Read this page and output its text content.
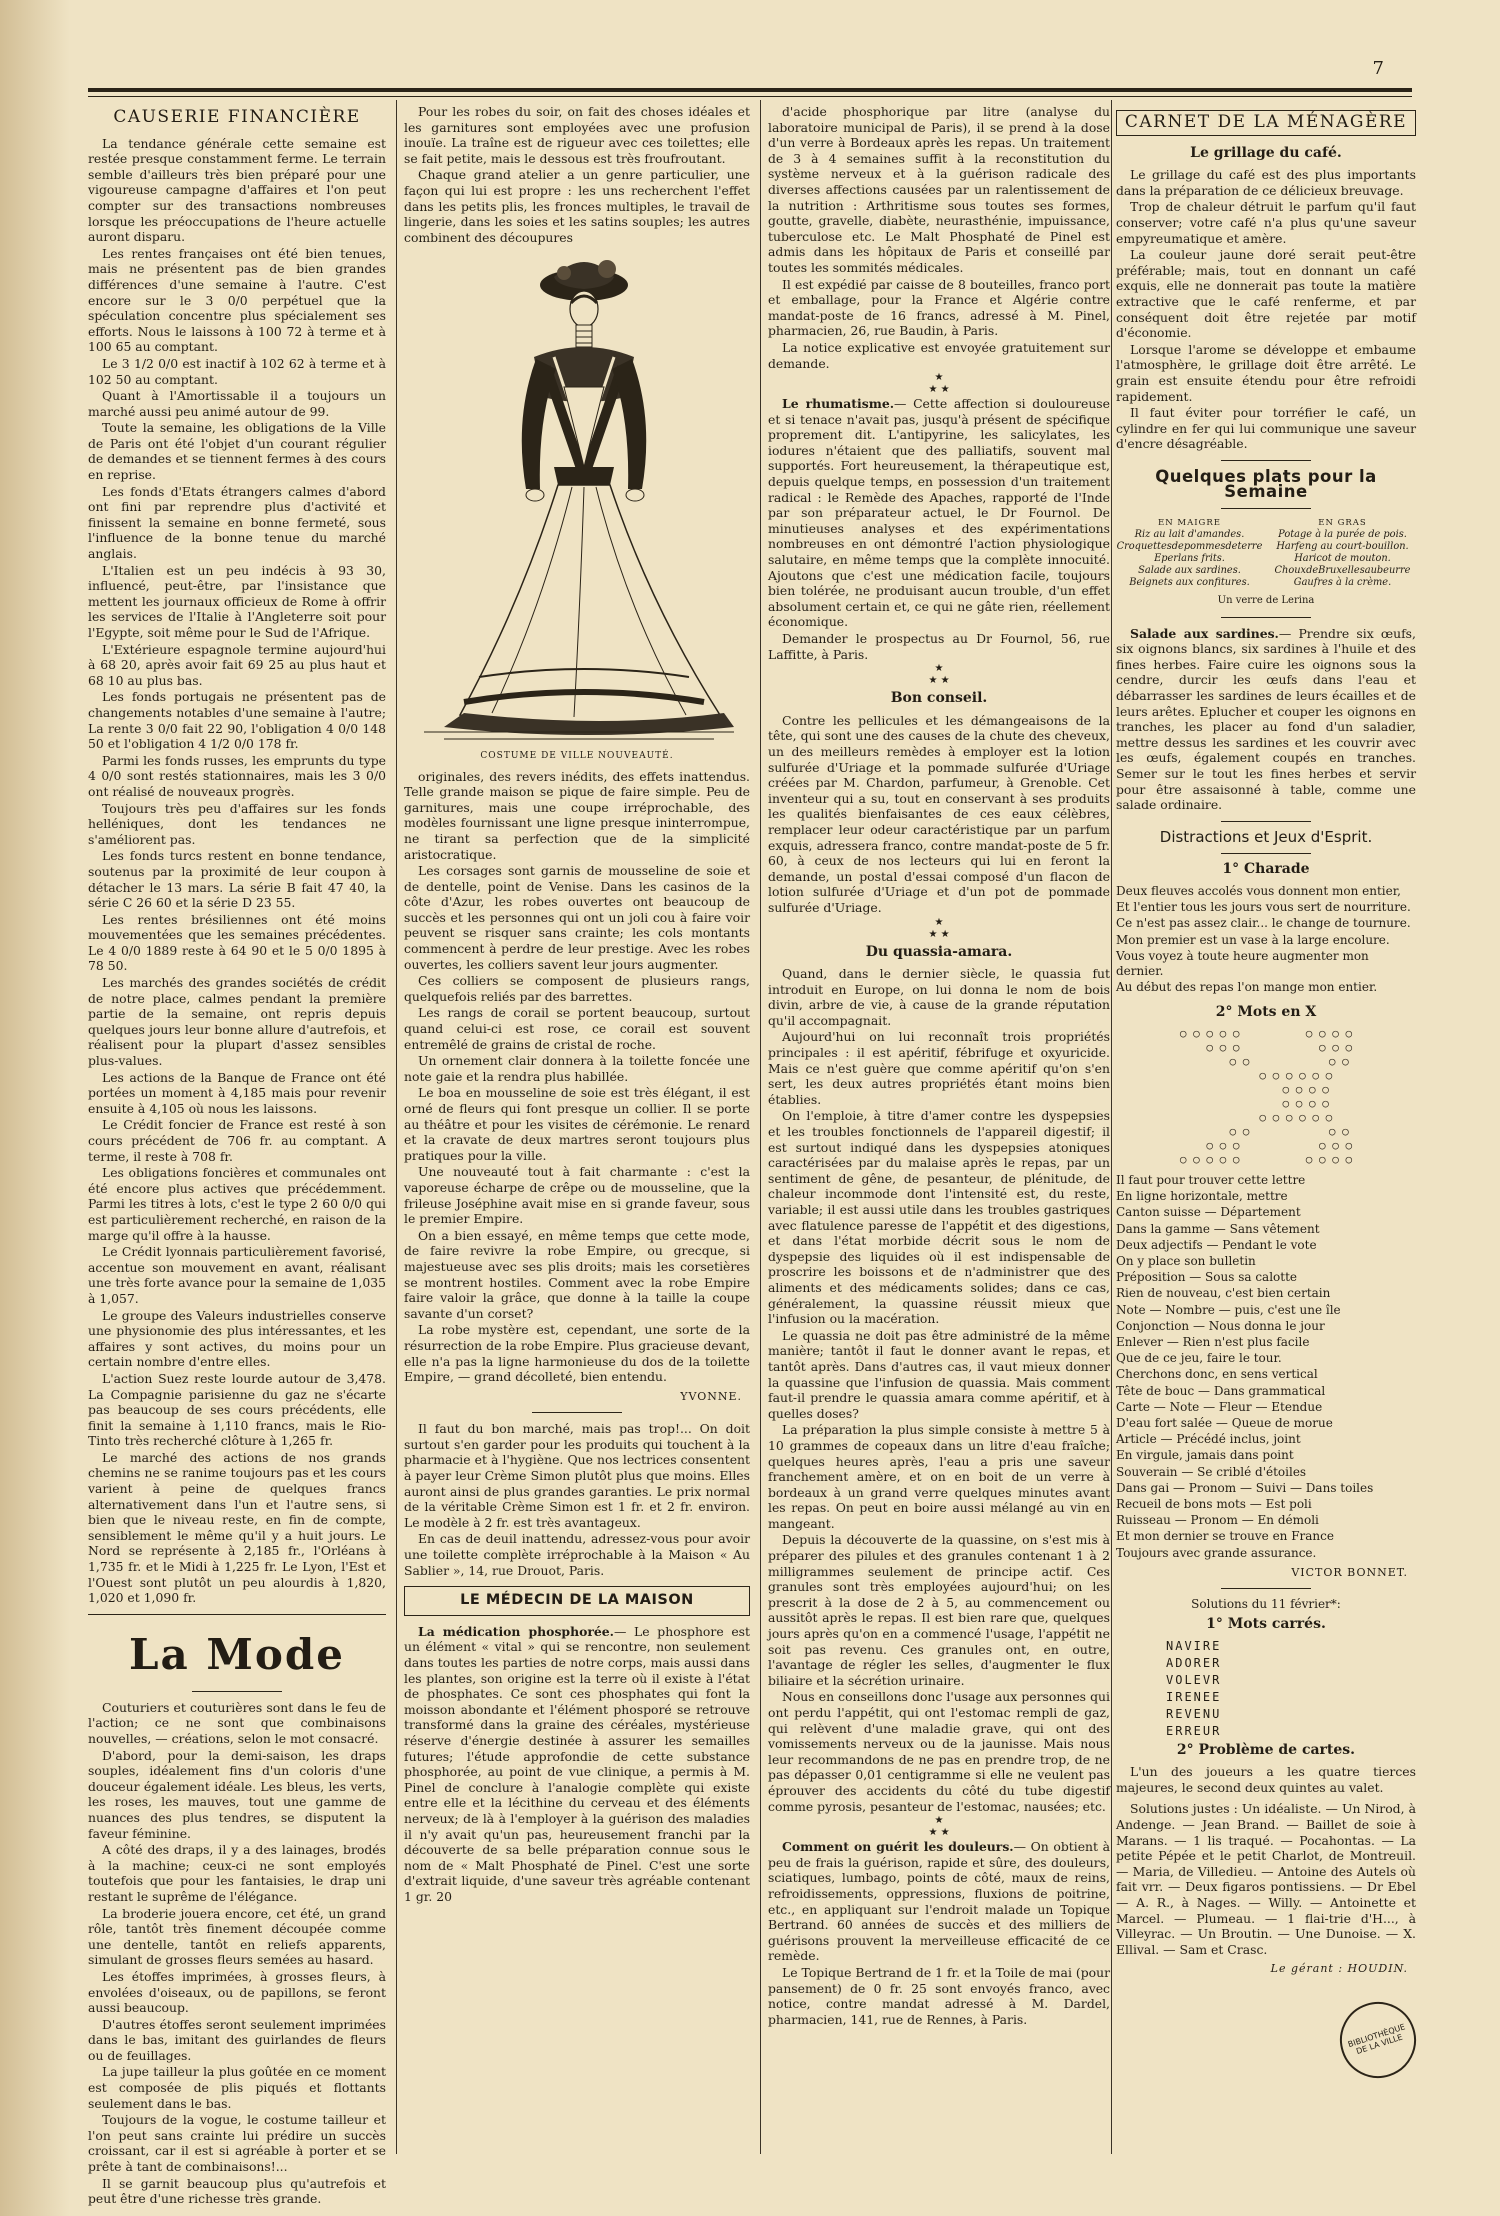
7
CAUSERIE FINANCIÈRE

La tendance générale cette semaine est restée presque constamment ferme. Le terrain semble d'ailleurs très bien préparé pour une vigoureuse campagne d'affaires et l'on peut compter sur des transactions nombreuses lorsque les préoccupations de l'heure actuelle auront disparu.

Les rentes françaises ont été bien tenues, mais ne présentent pas de bien grandes différences d'une semaine à l'autre. C'est encore sur le 3 0/0 perpétuel que la spéculation concentre plus spécialement ses efforts. Nous le laissons à 100 72 à terme et à 100 65 au comptant.

Le 3 1/2 0/0 est inactif à 102 62 à terme et à 102 50 au comptant.

Quant à l'Amortissable il a toujours un marché aussi peu animé autour de 99.

Toute la semaine, les obligations de la Ville de Paris ont été l'objet d'un courant régulier de demandes et se tiennent fermes à des cours en reprise.

Les fonds d'Etats étrangers calmes d'abord ont fini par reprendre plus d'activité et finissent la semaine en bonne fermeté, sous l'influence de la bonne tenue du marché anglais.

L'Italien est un peu indécis à 93 30, influencé, peut-être, par l'insistance que mettent les journaux officieux de Rome à offrir les services de l'Italie à l'Angleterre soit pour l'Egypte, soit même pour le Sud de l'Afrique.

L'Extérieure espagnole termine aujourd'hui à 68 20, après avoir fait 69 25 au plus haut et 68 10 au plus bas.

Les fonds portugais ne présentent pas de changements notables d'une semaine à l'autre; La rente 3 0/0 fait 22 90, l'obligation 4 0/0 148 50 et l'obligation 4 1/2 0/0 178 fr.

Parmi les fonds russes, les emprunts du type 4 0/0 sont restés stationnaires, mais les 3 0/0 ont réalisé de nouveaux progrès.

Toujours très peu d'affaires sur les fonds helléniques, dont les tendances ne s'améliorent pas.

Les fonds turcs restent en bonne tendance, soutenus par la proximité de leur coupon à détacher le 13 mars. La série B fait 47 40, la série C 26 60 et la série D 23 55.

Les rentes brésiliennes ont été moins mouvementées que les semaines précédentes. Le 4 0/0 1889 reste à 64 90 et le 5 0/0 1895 à 78 50.

Les marchés des grandes sociétés de crédit de notre place, calmes pendant la première partie de la semaine, ont repris depuis quelques jours leur bonne allure d'autrefois, et réalisent pour la plupart d'assez sensibles plus-values.

Les actions de la Banque de France ont été portées un moment à 4,185 mais pour revenir ensuite à 4,105 où nous les laissons.

Le Crédit foncier de France est resté à son cours précédent de 706 fr. au comptant. A terme, il reste à 708 fr.

Les obligations foncières et communales ont été encore plus actives que précédemment. Parmi les titres à lots, c'est le type 2 60 0/0 qui est particulièrement recherché, en raison de la marge qu'il offre à la hausse.

Le Crédit lyonnais particulièrement favorisé, accentue son mouvement en avant, réalisant une très forte avance pour la semaine de 1,035 à 1,057.

Le groupe des Valeurs industrielles conserve une physionomie des plus intéressantes, et les affaires y sont actives, du moins pour un certain nombre d'entre elles.

L'action Suez reste lourde autour de 3,478. La Compagnie parisienne du gaz ne s'écarte pas beaucoup de ses cours précédents, elle finit la semaine à 1,110 francs, mais le Rio-Tinto très recherché clôture à 1,265 fr.

Le marché des actions de nos grands chemins ne se ranime toujours pas et les cours varient à peine de quelques francs alternativement dans l'un et l'autre sens, si bien que le niveau reste, en fin de compte, sensiblement le même qu'il y a huit jours. Le Nord se représente à 2,185 fr., l'Orléans à 1,735 fr. et le Midi à 1,225 fr. Le Lyon, l'Est et l'Ouest sont plutôt un peu alourdis à 1,820, 1,020 et 1,090 fr.

La Mode

Couturiers et couturières sont dans le feu de l'action; ce ne sont que combinaisons nouvelles, — créations, selon le mot consacré.

D'abord, pour la demi-saison, les draps souples, idéalement fins d'un coloris d'une douceur également idéale. Les bleus, les verts, les roses, les mauves, tout une gamme de nuances des plus tendres, se disputent la faveur féminine.

A côté des draps, il y a des lainages, brodés à la machine; ceux-ci ne sont employés toutefois que pour les fantaisies, le drap uni restant le suprême de l'élégance.

La broderie jouera encore, cet été, un grand rôle, tantôt très finement découpée comme une dentelle, tantôt en reliefs apparents, simulant de grosses fleurs semées au hasard.

Les étoffes imprimées, à grosses fleurs, à envolées d'oiseaux, ou de papillons, se feront aussi beaucoup.

D'autres étoffes seront seulement imprimées dans le bas, imitant des guirlandes de fleurs ou de feuillages.

La jupe tailleur la plus goûtée en ce moment est composée de plis piqués et flottants seulement dans le bas.

Toujours de la vogue, le costume tailleur et l'on peut sans crainte lui prédire un succès croissant, car il est si agréable à porter et se prête à tant de combinaisons!...

Il se garnit beaucoup plus qu'autrefois et peut être d'une richesse très grande.

Pour les robes du soir, on fait des choses idéales et les garnitures sont employées avec une profusion inouïe. La traîne est de rigueur avec ces toilettes; elle se fait petite, mais le dessous est très froufroutant.

Chaque grand atelier a un genre particulier, une façon qui lui est propre : les uns recherchent l'effet dans les petits plis, les fronces multiples, le travail de lingerie, dans les soies et les satins souples; les autres combinent des découpures

COSTUME DE VILLE NOUVEAUTÉ.

originales, des revers inédits, des effets inattendus. Telle grande maison se pique de faire simple. Peu de garnitures, mais une coupe irréprochable, des modèles fournissant une ligne presque ininterrompue, ne tirant sa perfection que de la simplicité aristocratique.

Les corsages sont garnis de mousseline de soie et de dentelle, point de Venise. Dans les casinos de la côte d'Azur, les robes ouvertes ont beaucoup de succès et les personnes qui ont un joli cou à faire voir peuvent se risquer sans crainte; les cols montants commencent à perdre de leur prestige. Avec les robes ouvertes, les colliers savent leur jours augmenter.

Ces colliers se composent de plusieurs rangs, quelquefois reliés par des barrettes.

Les rangs de corail se portent beaucoup, surtout quand celui-ci est rose, ce corail est souvent entremêlé de grains de cristal de roche.

Un ornement clair donnera à la toilette foncée une note gaie et la rendra plus habillée.

Le boa en mousseline de soie est très élégant, il est orné de fleurs qui font presque un collier. Il se porte au théâtre et pour les visites de cérémonie. Le renard et la cravate de deux martres seront toujours plus pratiques pour la ville.

Une nouveauté tout à fait charmante : c'est la vaporeuse écharpe de crêpe ou de mousseline, que la frileuse Joséphine avait mise en si grande faveur, sous le premier Empire.

On a bien essayé, en même temps que cette mode, de faire revivre la robe Empire, ou grecque, si majestueuse avec ses plis droits; mais les corsetières se montrent hostiles. Comment avec la robe Empire faire valoir la grâce, que donne à la taille la coupe savante d'un corset?

La robe mystère est, cependant, une sorte de la résurrection de la robe Empire. Plus gracieuse devant, elle n'a pas la ligne harmonieuse du dos de la toilette Empire, — grand décolleté, bien entendu.

YVONNE.

Il faut du bon marché, mais pas trop!... On doit surtout s'en garder pour les produits qui touchent à la pharmacie et à l'hygiène. Que nos lectrices consentent à payer leur Crème Simon plutôt plus que moins. Elles auront ainsi de plus grandes garanties. Le prix normal de la véritable Crème Simon est 1 fr. et 2 fr. environ. Le modèle à 2 fr. est très avantageux.

En cas de deuil inattendu, adressez-vous pour avoir une toilette complète irréprochable à la Maison « Au Sablier », 14, rue Drouot, Paris.

LE MÉDECIN DE LA MAISON

La médication phosphorée.— Le phosphore est un élément « vital » qui se rencontre, non seulement dans toutes les parties de notre corps, mais aussi dans les plantes, son origine est la terre où il existe à l'état de phosphates. Ce sont ces phosphates qui font la moisson abondante et l'élément phosporé se retrouve transformé dans la graine des céréales, mystérieuse réserve d'énergie destinée à assurer les semailles futures; l'étude approfondie de cette substance phosphorée, au point de vue clinique, a permis à M. Pinel de conclure à l'analogie complète qui existe entre elle et la lécithine du cerveau et des éléments nerveux; de là à l'employer à la guérison des maladies il n'y avait qu'un pas, heureusement franchi par la découverte de sa belle préparation connue sous le nom de « Malt Phosphaté de Pinel. C'est une sorte d'extrait liquide, d'une saveur très agréable contenant 1 gr. 20

d'acide phosphorique par litre (analyse du laboratoire municipal de Paris), il se prend à la dose d'un verre à Bordeaux après les repas. Un traitement de 3 à 4 semaines suffit à la reconstitution du système nerveux et à la guérison radicale des diverses affections causées par un ralentissement de la nutrition : Arthritisme sous toutes ses formes, goutte, gravelle, diabète, neurasthénie, impuissance, tuberculose etc. Le Malt Phosphaté de Pinel est admis dans les hôpitaux de Paris et conseillé par toutes les sommités médicales.

Il est expédié par caisse de 8 bouteilles, franco port et emballage, pour la France et Algérie contre mandat-poste de 16 francs, adressé à M. Pinel, pharmacien, 26, rue Baudin, à Paris.

La notice explicative est envoyée gratuitement sur demande.

★
★ ★

Le rhumatisme.— Cette affection si douloureuse et si tenace n'avait pas, jusqu'à présent de spécifique proprement dit. L'antipyrine, les salicylates, les iodures n'étaient que des palliatifs, souvent mal supportés. Fort heureusement, la thérapeutique est, depuis quelque temps, en possession d'un traitement radical : le Remède des Apaches, rapporté de l'Inde par son préparateur actuel, le Dr Fournol. De minutieuses analyses et des expérimentations nombreuses en ont démontré l'action physiologique salutaire, en même temps que la complète innocuité. Ajoutons que c'est une médication facile, toujours bien tolérée, ne produisant aucun trouble, d'un effet absolument certain et, ce qui ne gâte rien, réellement économique.

Demander le prospectus au Dr Fournol, 56, rue Laffitte, à Paris.

★
★ ★
Bon conseil.

Contre les pellicules et les démangeaisons de la tête, qui sont une des causes de la chute des cheveux, un des meilleurs remèdes à employer est la lotion sulfurée d'Uriage et la pommade sulfurée d'Uriage créées par M. Chardon, parfumeur, à Grenoble. Cet inventeur qui a su, tout en conservant à ses produits les qualités bienfaisantes de ces eaux célèbres, remplacer leur odeur caractéristique par un parfum exquis, adressera franco, contre mandat-poste de 5 fr. 60, à ceux de nos lecteurs qui lui en feront la demande, un postal d'essai composé d'un flacon de lotion sulfurée d'Uriage et d'un pot de pommade sulfurée d'Uriage.

★
★ ★
Du quassia-amara.

Quand, dans le dernier siècle, le quassia fut introduit en Europe, on lui donna le nom de bois divin, arbre de vie, à cause de la grande réputation qu'il accompagnait.

Aujourd'hui on lui reconnaît trois propriétés principales : il est apéritif, fébrifuge et oxyuricide. Mais ce n'est guère que comme apéritif qu'on s'en sert, les deux autres propriétés étant moins bien établies.

On l'emploie, à titre d'amer contre les dyspepsies et les troubles fonctionnels de l'appareil digestif; il est surtout indiqué dans les dyspepsies atoniques caractérisées par du malaise après le repas, par un sentiment de gêne, de pesanteur, de plénitude, de chaleur incommode dont l'intensité est, du reste, variable; il est aussi utile dans les troubles gastriques avec flatulence paresse de l'appétit et des digestions, et dans l'état morbide décrit sous le nom de dyspepsie des liquides où il est indispensable de proscrire les boissons et de n'administrer que des aliments et des médicaments solides; dans ce cas, généralement, la quassine réussit mieux que l'infusion ou la macération.

Le quassia ne doit pas être administré de la même manière; tantôt il faut le donner avant le repas, et tantôt après. Dans d'autres cas, il vaut mieux donner la quassine que l'infusion de quassia. Mais comment faut-il prendre le quassia amara comme apéritif, et à quelles doses?

La préparation la plus simple consiste à mettre 5 à 10 grammes de copeaux dans un litre d'eau fraîche; quelques heures après, l'eau a pris une saveur franchement amère, et on en boit de un verre à bordeaux à un grand verre quelques minutes avant les repas. On peut en boire aussi mélangé au vin en mangeant.

Depuis la découverte de la quassine, on s'est mis à préparer des pilules et des granules contenant 1 à 2 milligrammes seulement de principe actif. Ces granules sont très employées aujourd'hui; on les prescrit à la dose de 2 à 5, au commencement ou aussitôt après le repas. Il est bien rare que, quelques jours après qu'on en a commencé l'usage, l'appétit ne soit pas revenu. Ces granules ont, en outre, l'avantage de régler les selles, d'augmenter le flux biliaire et la sécrétion urinaire.

Nous en conseillons donc l'usage aux personnes qui ont perdu l'appétit, qui ont l'estomac rempli de gaz, qui relèvent d'une maladie grave, qui ont des vomissements nerveux ou de la jaunisse. Mais nous leur recommandons de ne pas en prendre trop, de ne pas dépasser 0,01 centigramme si elle ne veulent pas éprouver des accidents du côté du tube digestif comme pyrosis, pesanteur de l'estomac, nausées; etc.

★
★ ★

Comment on guérit les douleurs.— On obtient à peu de frais la guérison, rapide et sûre, des douleurs, sciatiques, lumbago, points de côté, maux de reins, refroidissements, oppressions, fluxions de poitrine, etc., en appliquant sur l'endroit malade un Topique Bertrand. 60 années de succès et des milliers de guérisons prouvent la merveilleuse efficacité de ce remède.

Le Topique Bertrand de 1 fr. et la Toile de mai (pour pansement) de 0 fr. 25 sont envoyés franco, avec notice, contre mandat adressé à M. Dardel, pharmacien, 141, rue de Rennes, à Paris.

CARNET DE LA MÉNAGÈRE
Le grillage du café.

Le grillage du café est des plus importants dans la préparation de ce délicieux breuvage.

Trop de chaleur détruit le parfum qu'il faut conserver; votre café n'a plus qu'une saveur empyreumatique et amère.

La couleur jaune doré serait peut-être préférable; mais, tout en donnant un café exquis, elle ne donnerait pas toute la matière extractive que le café renferme, et par conséquent doit être rejetée par motif d'économie.

Lorsque l'arome se développe et embaume l'atmosphère, le grillage doit être arrêté. Le grain est ensuite étendu pour être refroidi rapidement.

Il faut éviter pour torréfier le café, un cylindre en fer qui lui communique une saveur d'encre désagréable.

Quelques plats pour la Semaine
EN MAIGRE
Riz au lait d'amandes.
Croquettesdepommesdeterre
Eperlans frits.
Salade aux sardines.
Beignets aux confitures.
EN GRAS
Potage à la purée de pois.
Harfeng au court-bouillon.
Haricot de mouton.
ChouxdeBruxellesaubeurre
Gaufres à la crème.
Un verre de Lerina

Salade aux sardines.— Prendre six œufs, six oignons blancs, six sardines à l'huile et des fines herbes. Faire cuire les oignons sous la cendre, durcir les œufs dans l'eau et débarrasser les sardines de leurs écailles et de leurs arêtes. Eplucher et couper les oignons en tranches, les placer au fond d'un saladier, mettre dessus les sardines et les couvrir avec les œufs, également coupés en tranches. Semer sur le tout les fines herbes et servir pour être assaisonné à table, comme une salade ordinaire.

Distractions et Jeux d'Esprit.
1° Charade

Deux fleuves accolés vous donnent mon entier,

Et l'entier tous les jours vous sert de nourriture.

Ce n'est pas assez clair... le change de tournure.

Mon premier est un vase à la large encolure.

Vous voyez à toute heure augmenter mon dernier.

Au début des repas l'on mange mon entier.

2° Mots en X
○ ○ ○ ○ ○          ○ ○ ○ ○
○ ○ ○            ○ ○ ○
○ ○            ○ ○
○ ○ ○ ○ ○ ○
○ ○ ○ ○
○ ○ ○ ○
○ ○ ○ ○ ○ ○
○ ○            ○ ○
○ ○ ○            ○ ○ ○
○ ○ ○ ○ ○          ○ ○ ○ ○

Il faut pour trouver cette lettre

En ligne horizontale, mettre

Canton suisse — Département

Dans la gamme — Sans vêtement

Deux adjectifs — Pendant le vote

On y place son bulletin

Préposition — Sous sa calotte

Rien de nouveau, c'est bien certain

Note — Nombre — puis, c'est une île

Conjonction — Nous donna le jour

Enlever — Rien n'est plus facile

Que de ce jeu, faire le tour.

Cherchons donc, en sens vertical

Tête de bouc — Dans grammatical

Carte — Note — Fleur — Etendue

D'eau fort salée — Queue de morue

Article — Précédé inclus, joint

En virgule, jamais dans point

Souverain — Se criblé d'étoiles

Dans gai — Pronom — Suivi — Dans toiles

Recueil de bons mots — Est poli

Ruisseau — Pronom — En démoli

Et mon dernier se trouve en France

Toujours avec grande assurance.

VICTOR BONNET.
Solutions du 11 février*:
1° Mots carrés.
NAVIRE
ADORER
VOLEVR
IRENEE
REVENU
ERREUR
2° Problème de cartes.

L'un des joueurs a les quatre tierces majeures, le second deux quintes au valet.

Solutions justes : Un idéaliste. — Un Nirod, à Andenge. — Jean Brand. — Baillet de soie à Marans. — 1 lis traqué. — Pocahontas. — La petite Pépée et le petit Charlot, de Montreuil. — Maria, de Villedieu. — Antoine des Autels où fait vrr. — Deux figaros pontissiens. — Dr Ebel — A. R., à Nages. — Willy. — Antoinette et Marcel. — Plumeau. — 1 flai-trie d'H..., à Villeyrac. — Un Broutin. — Une Dunoise. — X. Ellival. — Sam et Crasc.

Le gérant : HOUDIN.
BIBLIOTHÈQUE DE LA VILLE
